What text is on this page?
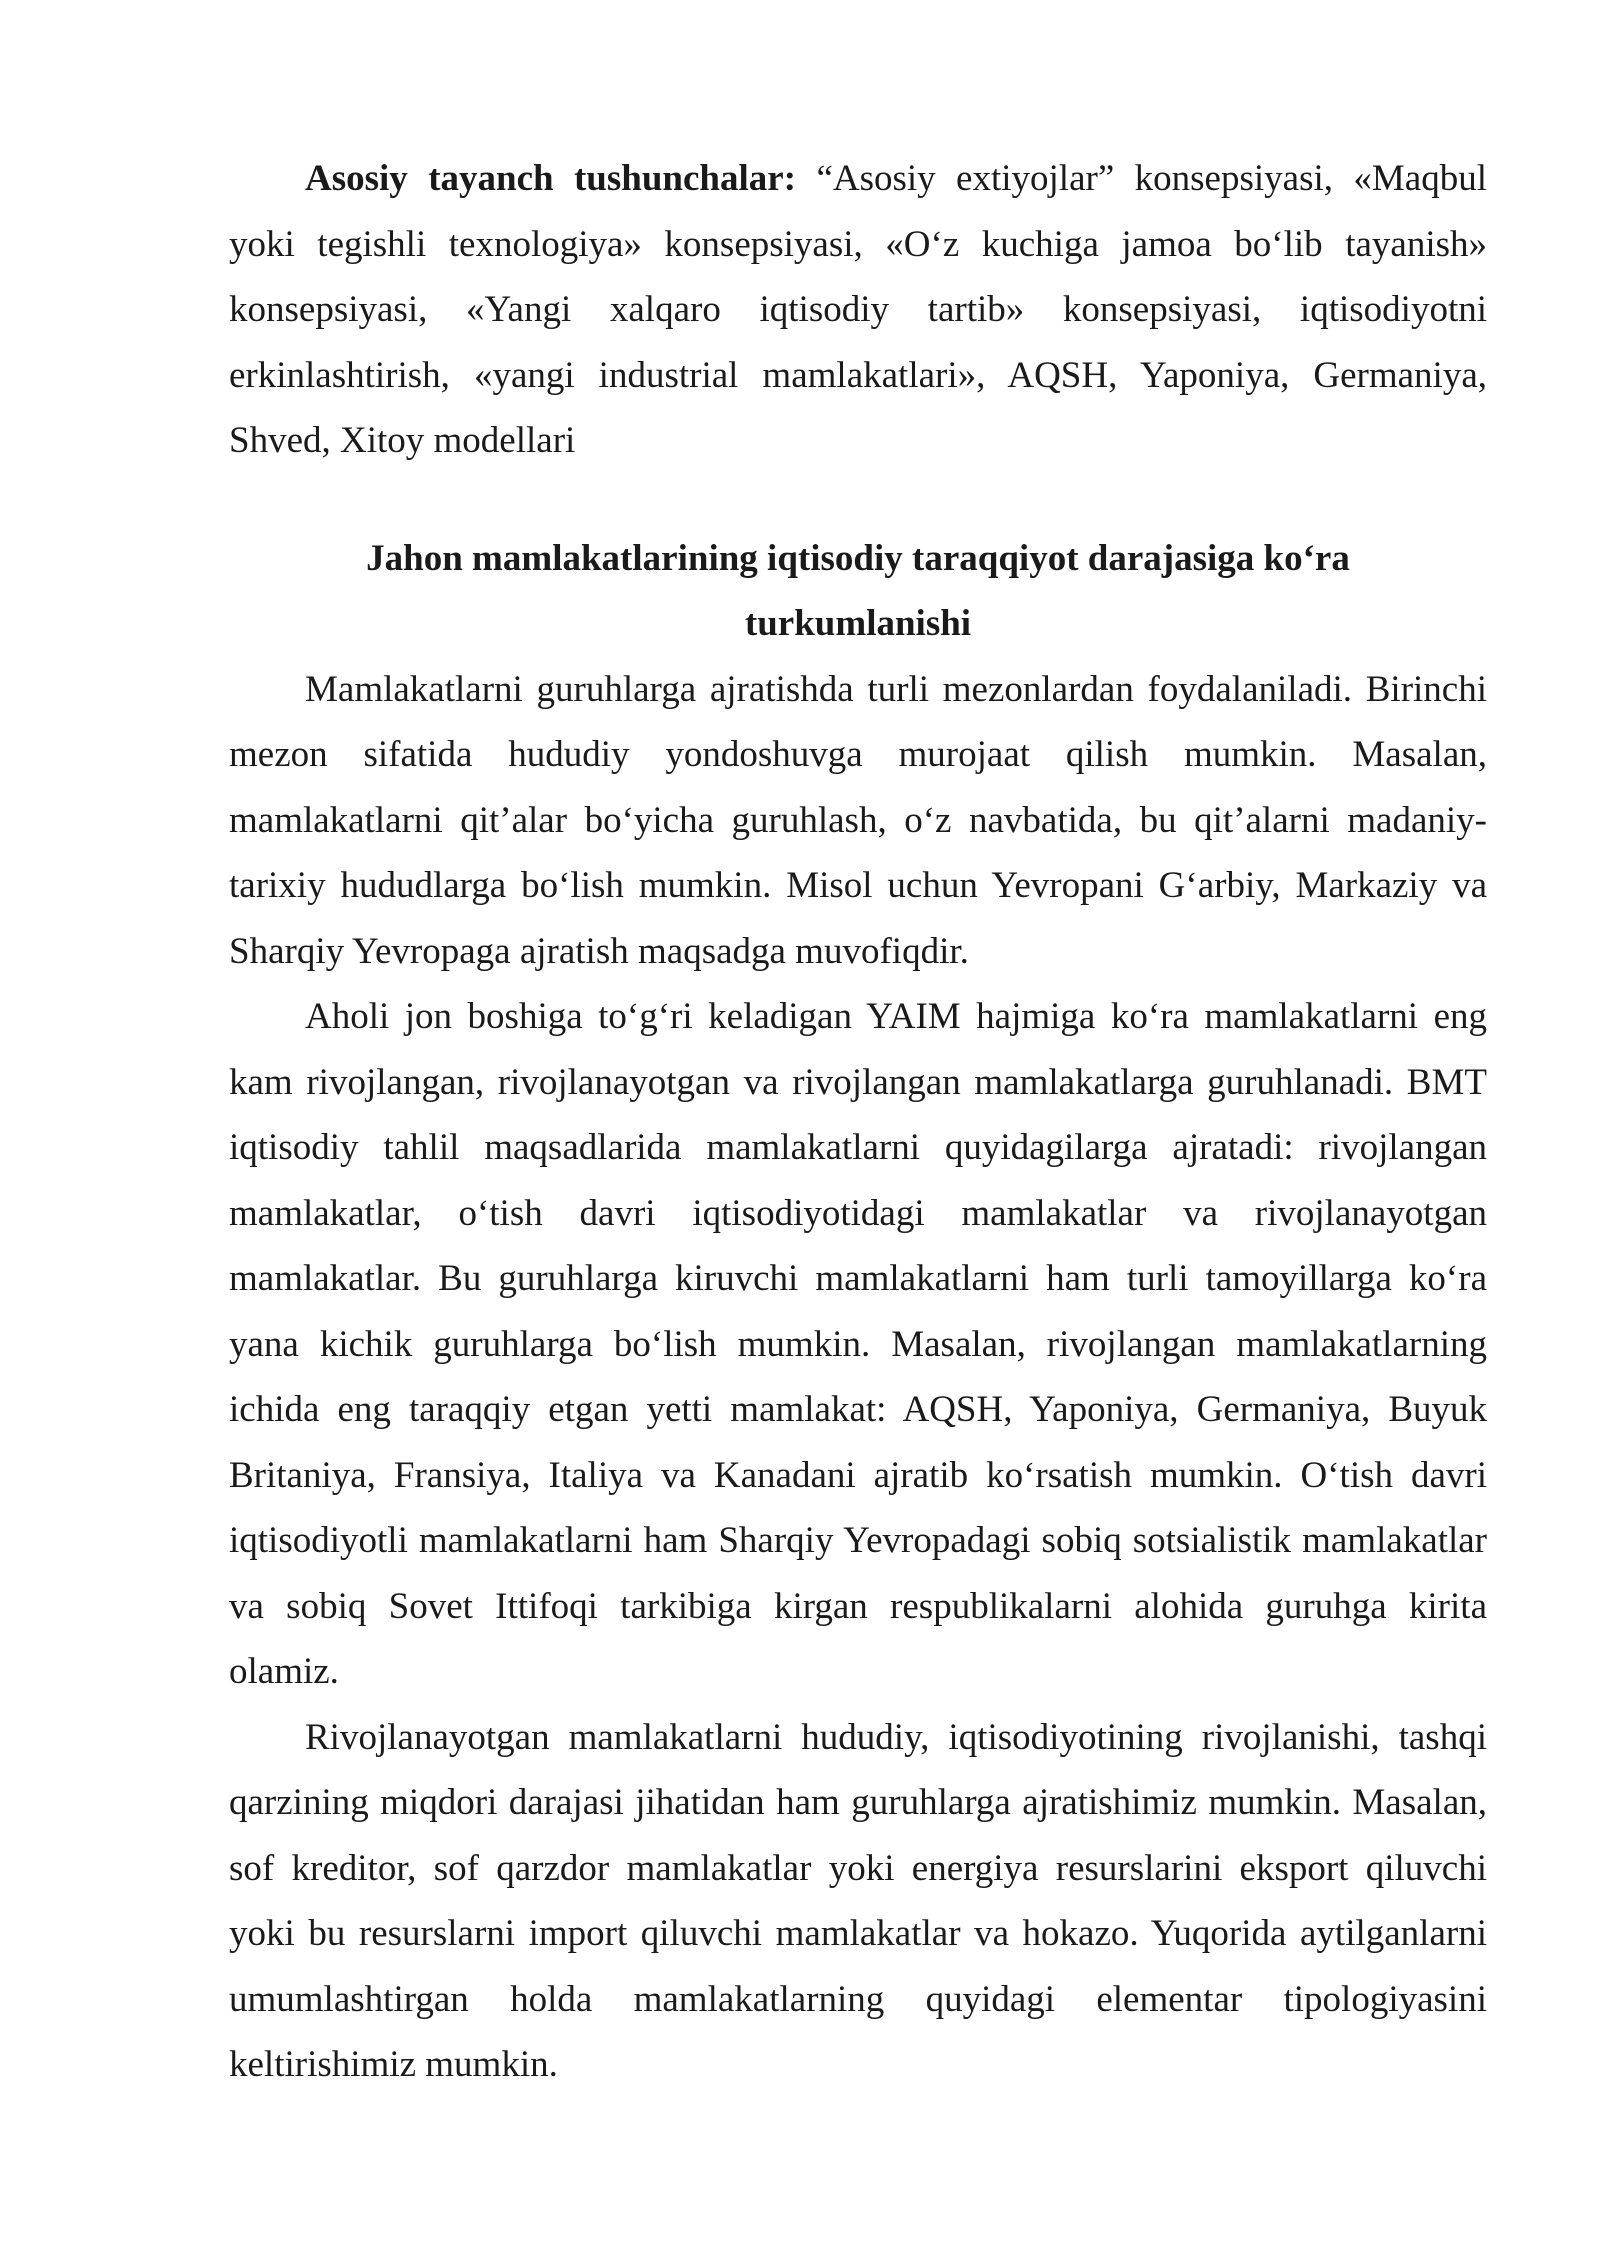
Asosiy tayanch tushunchalar: “Asosiy extiyojlar” konsepsiyasi, «Maqbul yoki tegishli texnologiya» konsepsiyasi, «O‘z kuchiga jamoa bo‘lib tayanish» konsepsiyasi, «Yangi xalqaro iqtisodiy tartib» konsepsiyasi, iqtisodiyotni erkinlashtirish, «yangi industrial mamlakatlari», AQSH, Yaponiya, Germaniya, Shved, Xitoy modellari

Jahon mamlakatlarining iqtisodiy taraqqiyot darajasiga ko‘ra
turkumlanishi

Mamlakatlarni guruhlarga ajratishda turli mezonlardan foydalaniladi. Birinchi mezon sifatida hududiy yondoshuvga murojaat qilish mumkin. Masalan, mamlakatlarni qit’alar bo‘yicha guruhlash, o‘z navbatida, bu qit’alarni madaniy-tarixiy hududlarga bo‘lish mumkin. Misol uchun Yevropani G‘arbiy, Markaziy va Sharqiy Yevropaga ajratish maqsadga muvofiqdir.

Aholi jon boshiga to‘g‘ri keladigan YAIM hajmiga ko‘ra mamlakatlarni eng kam rivojlangan, rivojlanayotgan va rivojlangan mamlakatlarga guruhlanadi. BMT iqtisodiy tahlil maqsadlarida mamlakatlarni quyidagilarga ajratadi: rivojlangan mamlakatlar, o‘tish davri iqtisodiyotidagi mamlakatlar va rivojlanayotgan mamlakatlar. Bu guruhlarga kiruvchi mamlakatlarni ham turli tamoyillarga ko‘ra yana kichik guruhlarga bo‘lish mumkin. Masalan, rivojlangan mamlakatlarning ichida eng taraqqiy etgan yetti mamlakat: AQSH, Yaponiya, Germaniya, Buyuk Britaniya, Fransiya, Italiya va Kanadani ajratib ko‘rsatish mumkin. O‘tish davri iqtisodiyotli mamlakatlarni ham Sharqiy Yevropadagi sobiq sotsialistik mamlakatlar va sobiq Sovet Ittifoqi tarkibiga kirgan respublikalarni alohida guruhga kirita olamiz.

Rivojlanayotgan mamlakatlarni hududiy, iqtisodiyotining rivojlanishi, tashqi qarzining miqdori darajasi jihatidan ham guruhlarga ajratishimiz mumkin. Masalan, sof kreditor, sof qarzdor mamlakatlar yoki energiya resurslarini eksport qiluvchi yoki bu resurslarni import qiluvchi mamlakatlar va hokazo. Yuqorida aytilganlarni umumlashtirgan holda mamlakatlarning quyidagi elementar tipologiyasini keltirishimiz mumkin.
